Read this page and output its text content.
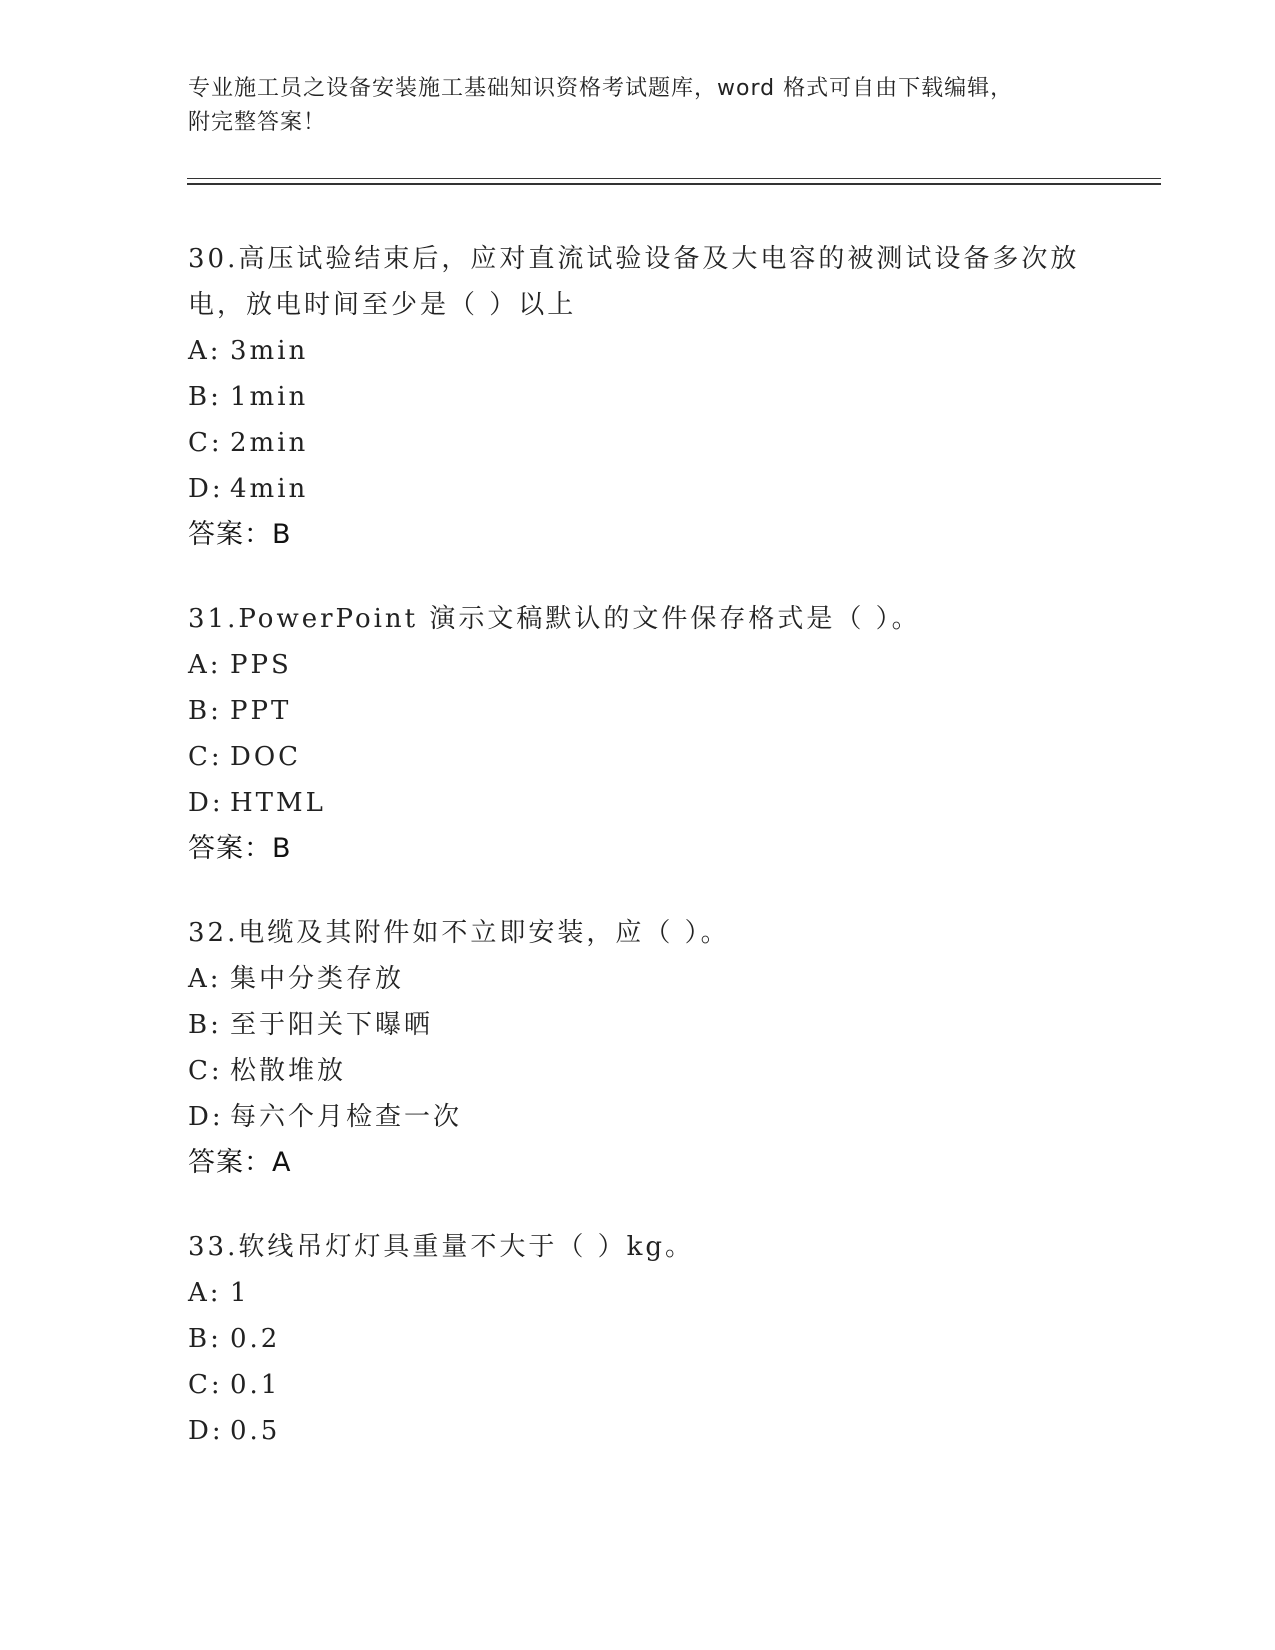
专业施工员之设备安装施工基础知识资格考试题库，word 格式可自由下载编辑，
附完整答案！

30.高压试验结束后，应对直流试验设备及大电容的被测试设备多次放

电，放电时间至少是（ ）以上

A: 3min

B: 1min

C: 2min

D: 4min

答案：B

31.PowerPoint 演示文稿默认的文件保存格式是（ ）。

A: PPS

B: PPT

C: DOC

D: HTML

答案：B

32.电缆及其附件如不立即安装，应（ ）。

A: 集中分类存放

B: 至于阳关下曝晒

C: 松散堆放

D: 每六个月检查一次

答案：A

33.软线吊灯灯具重量不大于（ ）kg。

A: 1

B: 0.2

C: 0.1

D: 0.5
